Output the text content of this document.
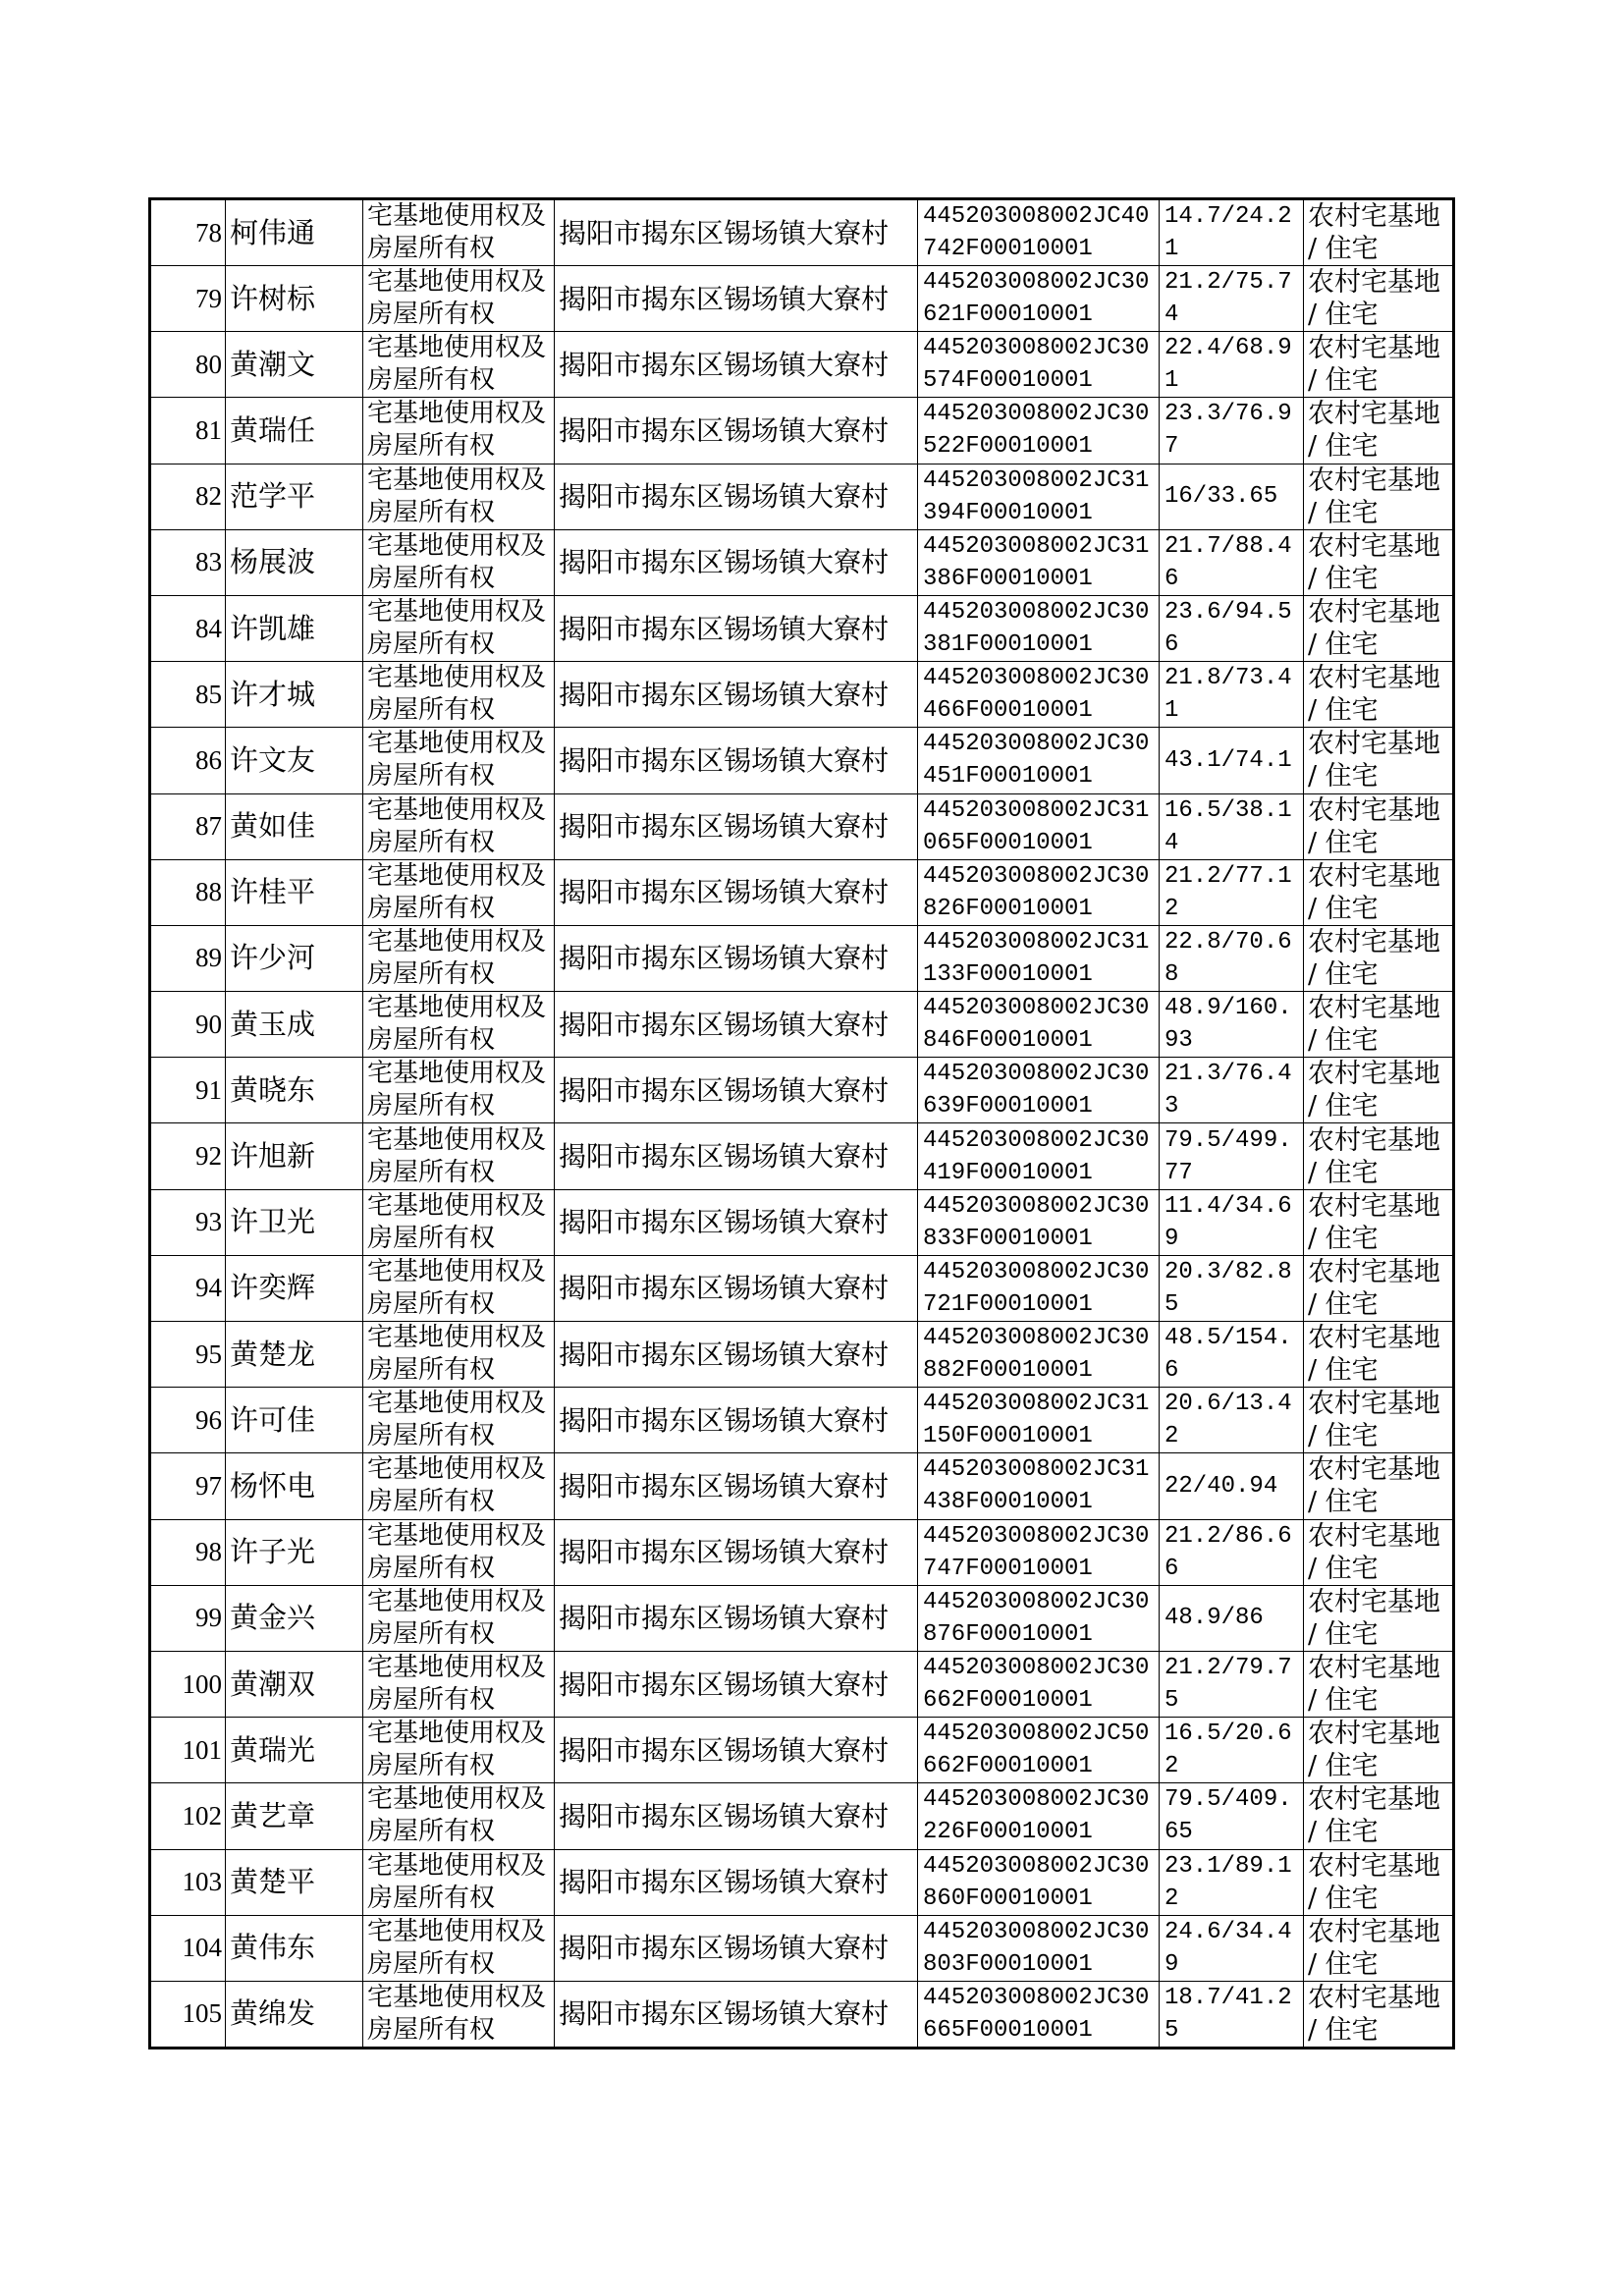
78	柯伟通	宅基地使用权及房屋所有权	揭阳市揭东区锡场镇大寮村	445203008002JC40742F00010001	14.7/24.21	农村宅基地 / 住宅

79	许树标	宅基地使用权及房屋所有权	揭阳市揭东区锡场镇大寮村	445203008002JC30621F00010001	21.2/75.74	农村宅基地 / 住宅

80	黄潮文	宅基地使用权及房屋所有权	揭阳市揭东区锡场镇大寮村	445203008002JC30574F00010001	22.4/68.91	农村宅基地 / 住宅

81	黄瑞任	宅基地使用权及房屋所有权	揭阳市揭东区锡场镇大寮村	445203008002JC30522F00010001	23.3/76.97	农村宅基地 / 住宅

82	范学平	宅基地使用权及房屋所有权	揭阳市揭东区锡场镇大寮村	445203008002JC31394F00010001	16/33.65	农村宅基地 / 住宅

83	杨展波	宅基地使用权及房屋所有权	揭阳市揭东区锡场镇大寮村	445203008002JC31386F00010001	21.7/88.46	农村宅基地 / 住宅

84	许凯雄	宅基地使用权及房屋所有权	揭阳市揭东区锡场镇大寮村	445203008002JC30381F00010001	23.6/94.56	农村宅基地 / 住宅

85	许才城	宅基地使用权及房屋所有权	揭阳市揭东区锡场镇大寮村	445203008002JC30466F00010001	21.8/73.41	农村宅基地 / 住宅

86	许文友	宅基地使用权及房屋所有权	揭阳市揭东区锡场镇大寮村	445203008002JC30451F00010001	43.1/74.1	农村宅基地 / 住宅

87	黄如佳	宅基地使用权及房屋所有权	揭阳市揭东区锡场镇大寮村	445203008002JC31065F00010001	16.5/38.14	农村宅基地 / 住宅

88	许桂平	宅基地使用权及房屋所有权	揭阳市揭东区锡场镇大寮村	445203008002JC30826F00010001	21.2/77.12	农村宅基地 / 住宅

89	许少河	宅基地使用权及房屋所有权	揭阳市揭东区锡场镇大寮村	445203008002JC31133F00010001	22.8/70.68	农村宅基地 / 住宅

90	黄玉成	宅基地使用权及房屋所有权	揭阳市揭东区锡场镇大寮村	445203008002JC30846F00010001	48.9/160.93	农村宅基地 / 住宅

91	黄晓东	宅基地使用权及房屋所有权	揭阳市揭东区锡场镇大寮村	445203008002JC30639F00010001	21.3/76.43	农村宅基地 / 住宅

92	许旭新	宅基地使用权及房屋所有权	揭阳市揭东区锡场镇大寮村	445203008002JC30419F00010001	79.5/499.77	农村宅基地 / 住宅

93	许卫光	宅基地使用权及房屋所有权	揭阳市揭东区锡场镇大寮村	445203008002JC30833F00010001	11.4/34.69	农村宅基地 / 住宅

94	许奕辉	宅基地使用权及房屋所有权	揭阳市揭东区锡场镇大寮村	445203008002JC30721F00010001	20.3/82.85	农村宅基地 / 住宅

95	黄楚龙	宅基地使用权及房屋所有权	揭阳市揭东区锡场镇大寮村	445203008002JC30882F00010001	48.5/154.6	农村宅基地 / 住宅

96	许可佳	宅基地使用权及房屋所有权	揭阳市揭东区锡场镇大寮村	445203008002JC31150F00010001	20.6/13.42	农村宅基地 / 住宅

97	杨怀电	宅基地使用权及房屋所有权	揭阳市揭东区锡场镇大寮村	445203008002JC31438F00010001	22/40.94	农村宅基地 / 住宅

98	许子光	宅基地使用权及房屋所有权	揭阳市揭东区锡场镇大寮村	445203008002JC30747F00010001	21.2/86.66	农村宅基地 / 住宅

99	黄金兴	宅基地使用权及房屋所有权	揭阳市揭东区锡场镇大寮村	445203008002JC30876F00010001	48.9/86	农村宅基地 / 住宅

100	黄潮双	宅基地使用权及房屋所有权	揭阳市揭东区锡场镇大寮村	445203008002JC30662F00010001	21.2/79.75	农村宅基地 / 住宅

101	黄瑞光	宅基地使用权及房屋所有权	揭阳市揭东区锡场镇大寮村	445203008002JC50662F00010001	16.5/20.62	农村宅基地 / 住宅

102	黄艺章	宅基地使用权及房屋所有权	揭阳市揭东区锡场镇大寮村	445203008002JC30226F00010001	79.5/409.65	农村宅基地 / 住宅

103	黄楚平	宅基地使用权及房屋所有权	揭阳市揭东区锡场镇大寮村	445203008002JC30860F00010001	23.1/89.12	农村宅基地 / 住宅

104	黄伟东	宅基地使用权及房屋所有权	揭阳市揭东区锡场镇大寮村	445203008002JC30803F00010001	24.6/34.49	农村宅基地 / 住宅

105	黄绵发	宅基地使用权及房屋所有权	揭阳市揭东区锡场镇大寮村	445203008002JC30665F00010001	18.7/41.25	农村宅基地 / 住宅
